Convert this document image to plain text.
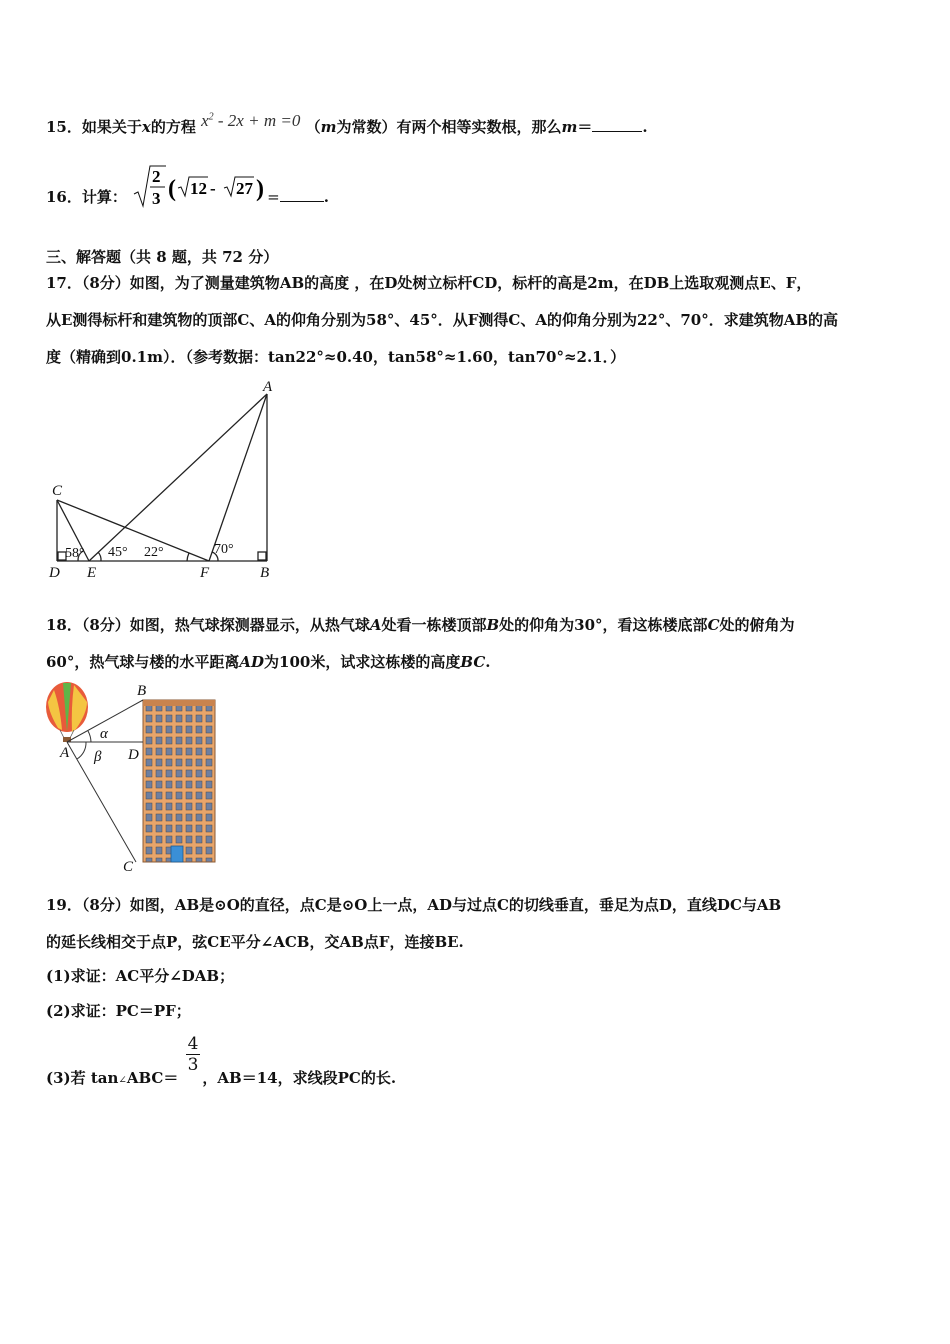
15．如果关于x的方程 $x^2 - 2x + m =0$ （m为常数）有两个相等实数根，那么m＝	.
16．计算：
2
3 ( 12 - 27 ) =	.
三、解答题（共 8 题，共 72 分）
17．（8分）如图，为了测量建筑物AB的高度 ，在D处树立标杆CD，标杆的高是2m，在DB上选取观测点E、F，
从E测得标杆和建筑物的顶部C、A的仰角分别为58°、45°．从F测得C、A的仰角分别为22°、70°．求建筑物AB的高
度（精确到0.1m）．（参考数据：tan22°≈0.40，tan58°≈1.60，tan70°≈2.1．）
A
B
C
D E	F
58° 45° 22°	70°
18．（8分）如图，热气球探测器显示，从热气球A处看一栋楼顶部B处的仰角为30°，看这栋楼底部C处的俯角为
60°，热气球与楼的水平距离AD为100米，试求这栋楼的高度BC.
B
A	D
C
α
β
19．（8分）如图，AB是⊙O的直径，点C是⊙O上一点，AD与过点C的切线垂直，垂足为点D，直线DC与AB
的延长线相交于点P，弦CE平分∠ACB，交AB点F，连接BE.
(1)求证：AC平分∠DAB；
(2)求证：PC＝PF；
(3)若 $\tan_\angle ABC=$
$\frac{4}{3}$
，AB＝14，求线段PC的长.
